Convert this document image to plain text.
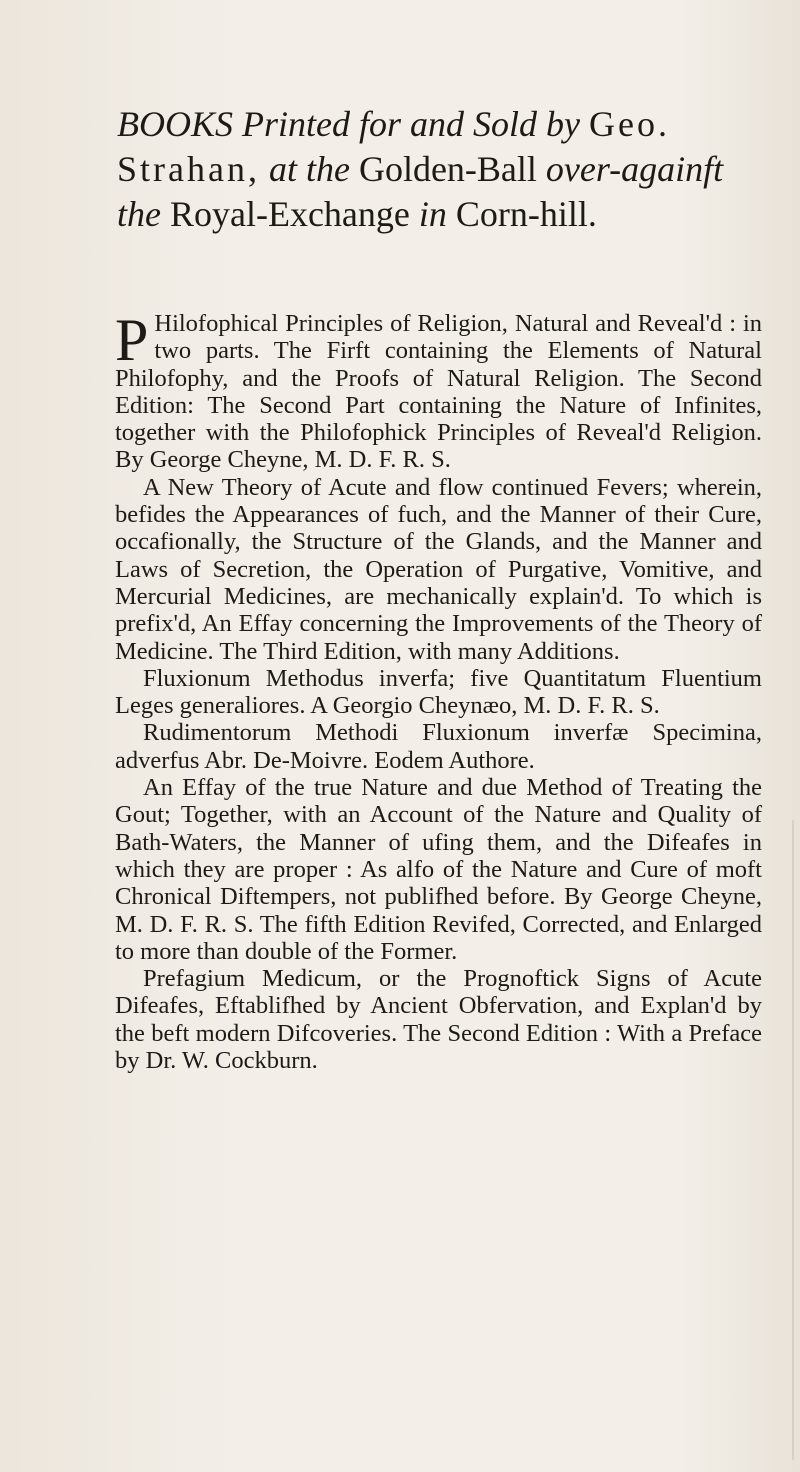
BOOKS Printed for and Sold by Geo. Strahan, at the Golden-Ball over-againft the Royal-Exchange in Corn-hill.

P Hilofophical Principles of Religion, Natural and Reveal'd : in two parts. The Firft containing the Elements of Natural Philofophy, and the Proofs of Natural Religion. The Second Edition: The Second Part containing the Nature of Infinites, together with the Philofophick Principles of Reveal'd Religion. By George Cheyne, M. D. F. R. S.

A New Theory of Acute and flow continued Fevers; wherein, befides the Appearances of fuch, and the Manner of their Cure, occafionally, the Structure of the Glands, and the Manner and Laws of Secretion, the Operation of Purgative, Vomitive, and Mercurial Medicines, are mechanically explain'd. To which is prefix'd, An Effay concerning the Improvements of the Theory of Medicine. The Third Edition, with many Additions.

Fluxionum Methodus inverfa; five Quantitatum Fluentium Leges generaliores. A Georgio Cheynæo, M. D. F. R. S.

Rudimentorum Methodi Fluxionum inverfæ Specimina, adverfus Abr. De-Moivre. Eodem Authore.

An Effay of the true Nature and due Method of Treating the Gout; Together, with an Account of the Nature and Quality of Bath-Waters, the Manner of ufing them, and the Difeafes in which they are proper : As alfo of the Nature and Cure of moft Chronical Diftempers, not publifhed before. By George Cheyne, M. D. F. R. S. The fifth Edition Revifed, Corrected, and Enlarged to more than double of the Former.

Prefagium Medicum, or the Prognoftick Signs of Acute Difeafes, Eftablifhed by Ancient Obfervation, and Explan'd by the beft modern Difcoveries. The Second Edition : With a Preface by Dr. W. Cockburn.
